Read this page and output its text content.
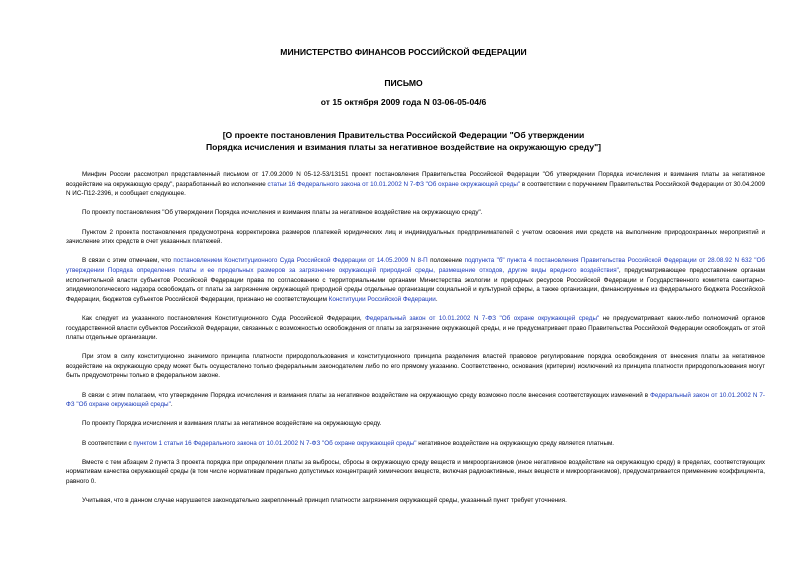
МИНИСТЕРСТВО ФИНАНСОВ РОССИЙСКОЙ ФЕДЕРАЦИИ

ПИСЬМО

от 15 октября 2009 года N 03-06-05-04/6

[О проекте постановления Правительства Российской Федерации "Об утверждении
Порядка исчисления и взимания платы за негативное воздействие на окружающую среду"]

Минфин России рассмотрел представленный письмом от 17.09.2009 N 05-12-53/13151 проект постановления Правительства Российской Федерации "Об утверждении Порядка исчисления и взимания платы за негативное воздействие на окружающую среду", разработанный во исполнение статьи 16 Федерального закона от 10.01.2002 N 7-ФЗ "Об охране окружающей среды" в соответствии с поручением Правительства Российской Федерации от 30.04.2009 N ИС-П12-2396, и сообщает следующее.

По проекту постановления "Об утверждении Порядка исчисления и взимания платы за негативное воздействие на окружающую среду".

Пунктом 2 проекта постановления предусмотрена корректировка размеров платежей юридических лиц и индивидуальных предпринимателей с учетом освоения ими средств на выполнение природоохранных мероприятий и зачисление этих средств в счет указанных платежей.

В связи с этим отмечаем, что постановлением Конституционного Суда Российской Федерации от 14.05.2009 N 8-П положение подпункта "б" пункта 4 постановления Правительства Российской Федерации от 28.08.92 N 632 "Об утверждении Порядка определения платы и ее предельных размеров за загрязнение окружающей природной среды, размещение отходов, другие виды вредного воздействия", предусматривающее предоставление органам исполнительной власти субъектов Российской Федерации права по согласованию с территориальными органами Министерства экологии и природных ресурсов Российской Федерации и Государственного комитета санитарно-эпидемиологического надзора освобождать от платы за загрязнение окружающей природной среды отдельные организации социальной и культурной сферы, а также организации, финансируемые из федерального бюджета Российской Федерации, бюджетов субъектов Российской Федерации, признано не соответствующим Конституции Российской Федерации.

Как следует из указанного постановления Конституционного Суда Российской Федерации, Федеральный закон от 10.01.2002 N 7-ФЗ "Об охране окружающей среды" не предусматривает каких-либо полномочий органов государственной власти субъектов Российской Федерации, связанных с возможностью освобождения от платы за загрязнение окружающей среды, и не предусматривает право Правительства Российской Федерации освобождать от этой платы отдельные организации.

При этом в силу конституционно значимого принципа платности природопользования и конституционного принципа разделения властей правовое регулирование порядка освобождения от внесения платы за негативное воздействие на окружающую среду может быть осуществлено только федеральным законодателем либо по его прямому указанию. Соответственно, основания (критерии) исключений из принципа платности природопользования могут быть предусмотрены только в федеральном законе.

В связи с этим полагаем, что утверждение Порядка исчисления и взимания платы за негативное воздействие на окружающую среду возможно после внесения соответствующих изменений в Федеральный закон от 10.01.2002 N 7-ФЗ "Об охране окружающей среды".

По проекту Порядка исчисления и взимания платы за негативное воздействие на окружающую среду.

В соответствии с пунктом 1 статьи 16 Федерального закона от 10.01.2002 N 7-ФЗ "Об охране окружающей среды" негативное воздействие на окружающую среду является платным.

Вместе с тем абзацем 2 пункта 3 проекта порядка при определении платы за выбросы, сбросы в окружающую среду веществ и микроорганизмов (иное негативное воздействие на окружающую среду) в пределах, соответствующих нормативам качества окружающей среды (в том числе нормативам предельно допустимых концентраций химических веществ, включая радиоактивные, иных веществ и микроорганизмов), предусматривается применение коэффициента, равного 0.

Учитывая, что в данном случае нарушается законодательно закрепленный принцип платности загрязнения окружающей среды, указанный пункт требует уточнения.
